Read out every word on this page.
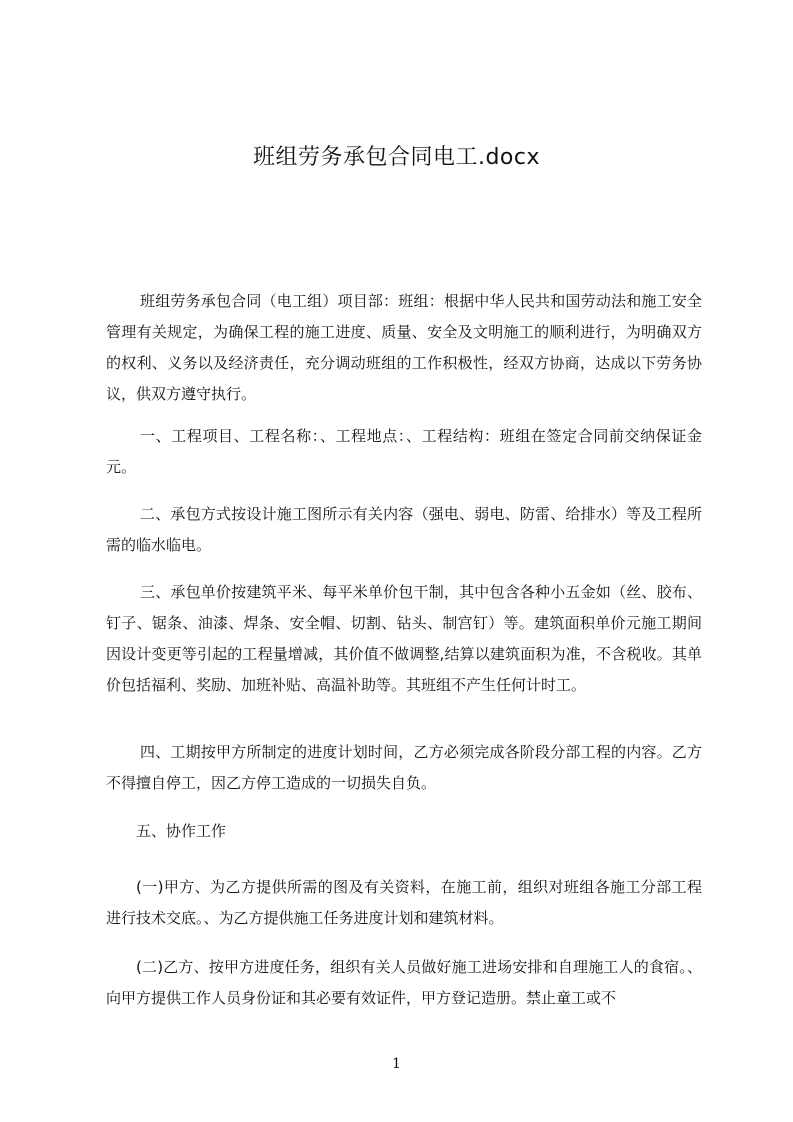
班组劳务承包合同电工.docx

班组劳务承包合同（电工组）项目部：班组：根据中华人民共和国劳动法和施工安全管理有关规定，为确保工程的施工进度、质量、安全及文明施工的顺利进行，为明确双方的权利、义务以及经济责任，充分调动班组的工作积极性，经双方协商，达成以下劳务协议，供双方遵守执行。

一、工程项目、工程名称：、工程地点：、工程结构：班组在签定合同前交纳保证金元。

二、承包方式按设计施工图所示有关内容（强电、弱电、防雷、给排水）等及工程所需的临水临电。

三、承包单价按建筑平米、每平米单价包干制，其中包含各种小五金如（丝、胶布、钉子、锯条、油漆、焊条、安全帽、切割、钻头、制宫钉）等。建筑面积单价元施工期间因设计变更等引起的工程量增减，其价值不做调整,结算以建筑面积为准，不含税收。其单价包括福利、奖励、加班补贴、高温补助等。其班组不产生任何计时工。

四、工期按甲方所制定的进度计划时间，乙方必须完成各阶段分部工程的内容。乙方不得擅自停工，因乙方停工造成的一切损失自负。

五、协作工作

(一)甲方、为乙方提供所需的图及有关资料，在施工前，组织对班组各施工分部工程进行技术交底。、为乙方提供施工任务进度计划和建筑材料。

(二)乙方、按甲方进度任务，组织有关人员做好施工进场安排和自理施工人的食宿。、向甲方提供工作人员身份证和其必要有效证件，甲方登记造册。禁止童工或不

1
